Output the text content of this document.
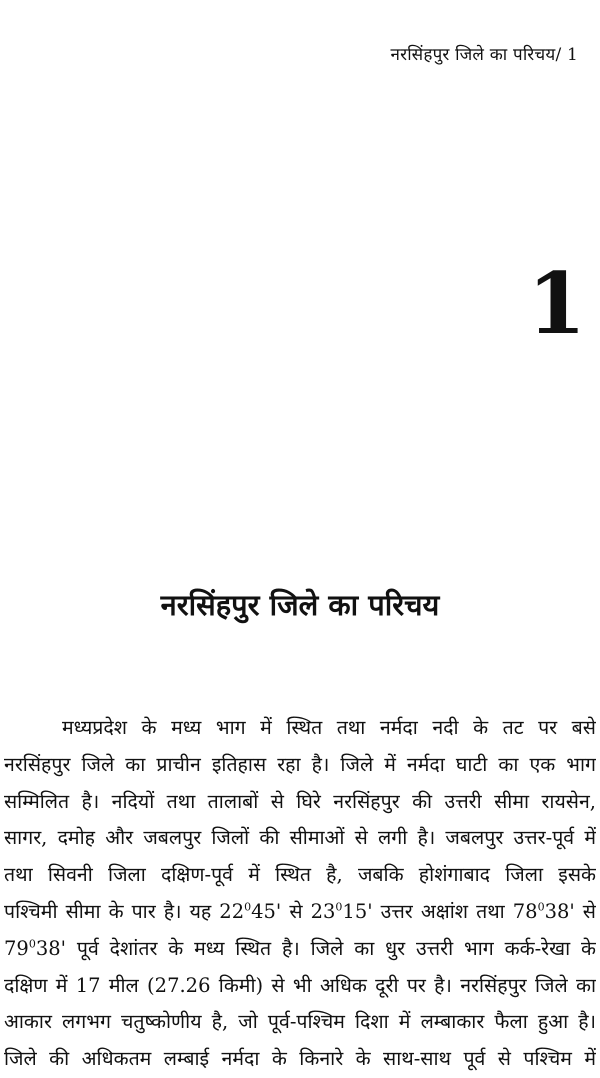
नरसिंहपुर जिले का परिचय/ 1
1
नरसिंहपुर जिले का परिचय
मध्यप्रदेश के मध्य भाग में स्थित तथा नर्मदा नदी के तट पर बसे
नरसिंहपुर जिले का प्राचीन इतिहास रहा है। जिले में नर्मदा घाटी का एक भाग
सम्मिलित है। नदियों तथा तालाबों से घिरे नरसिंहपुर की उत्तरी सीमा रायसेन,
सागर, दमोह और जबलपुर जिलों की सीमाओं से लगी है। जबलपुर उत्तर-पूर्व में
तथा सिवनी जिला दक्षिण-पूर्व में स्थित है, जबकि होशंगाबाद जिला इसके
पश्चिमी सीमा के पार है। यह $22^045'$ से $23^015'$ उत्तर अक्षांश तथा $78^038'$ से
$79^038'$ पूर्व देशांतर के मध्य स्थित है। जिले का धुर उत्तरी भाग कर्क-रेखा के
दक्षिण में 17 मील (27.26 किमी) से भी अधिक दूरी पर है। नरसिंहपुर जिले का
आकार लगभग चतुष्कोणीय है, जो पूर्व-पश्चिम दिशा में लम्बाकार फैला हुआ है।
जिले की अधिकतम लम्बाई नर्मदा के किनारे के साथ-साथ पूर्व से पश्चिम में
